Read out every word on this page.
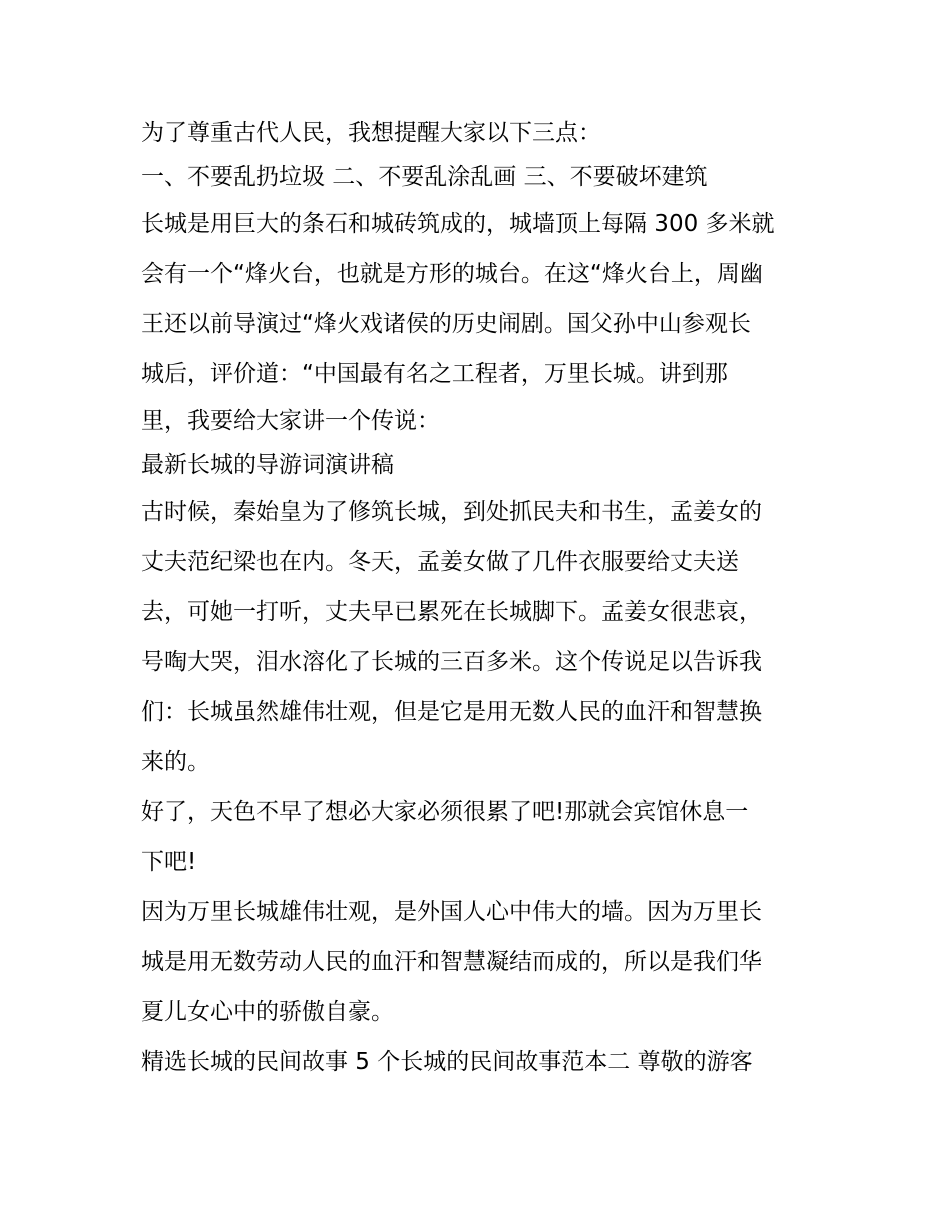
为了尊重古代人民，我想提醒大家以下三点：
一、不要乱扔垃圾 二、不要乱涂乱画 三、不要破坏建筑
长城是用巨大的条石和城砖筑成的，城墙顶上每隔 300 多米就
会有一个“烽火台，也就是方形的城台。在这“烽火台上，周幽
王还以前导演过“烽火戏诸侯的历史闹剧。国父孙中山参观长
城后，评价道：“中国最有名之工程者，万里长城。讲到那
里，我要给大家讲一个传说：
最新长城的导游词演讲稿
古时候，秦始皇为了修筑长城，到处抓民夫和书生，孟姜女的
丈夫范纪梁也在内。冬天，孟姜女做了几件衣服要给丈夫送
去，可她一打听，丈夫早已累死在长城脚下。孟姜女很悲哀，
号啕大哭，泪水溶化了长城的三百多米。这个传说足以告诉我
们：长城虽然雄伟壮观，但是它是用无数人民的血汗和智慧换
来的。
好了，天色不早了想必大家必须很累了吧!那就会宾馆休息一
下吧!
因为万里长城雄伟壮观，是外国人心中伟大的墙。因为万里长
城是用无数劳动人民的血汗和智慧凝结而成的，所以是我们华
夏儿女心中的骄傲自豪。
精选长城的民间故事 5 个长城的民间故事范本二 尊敬的游客
